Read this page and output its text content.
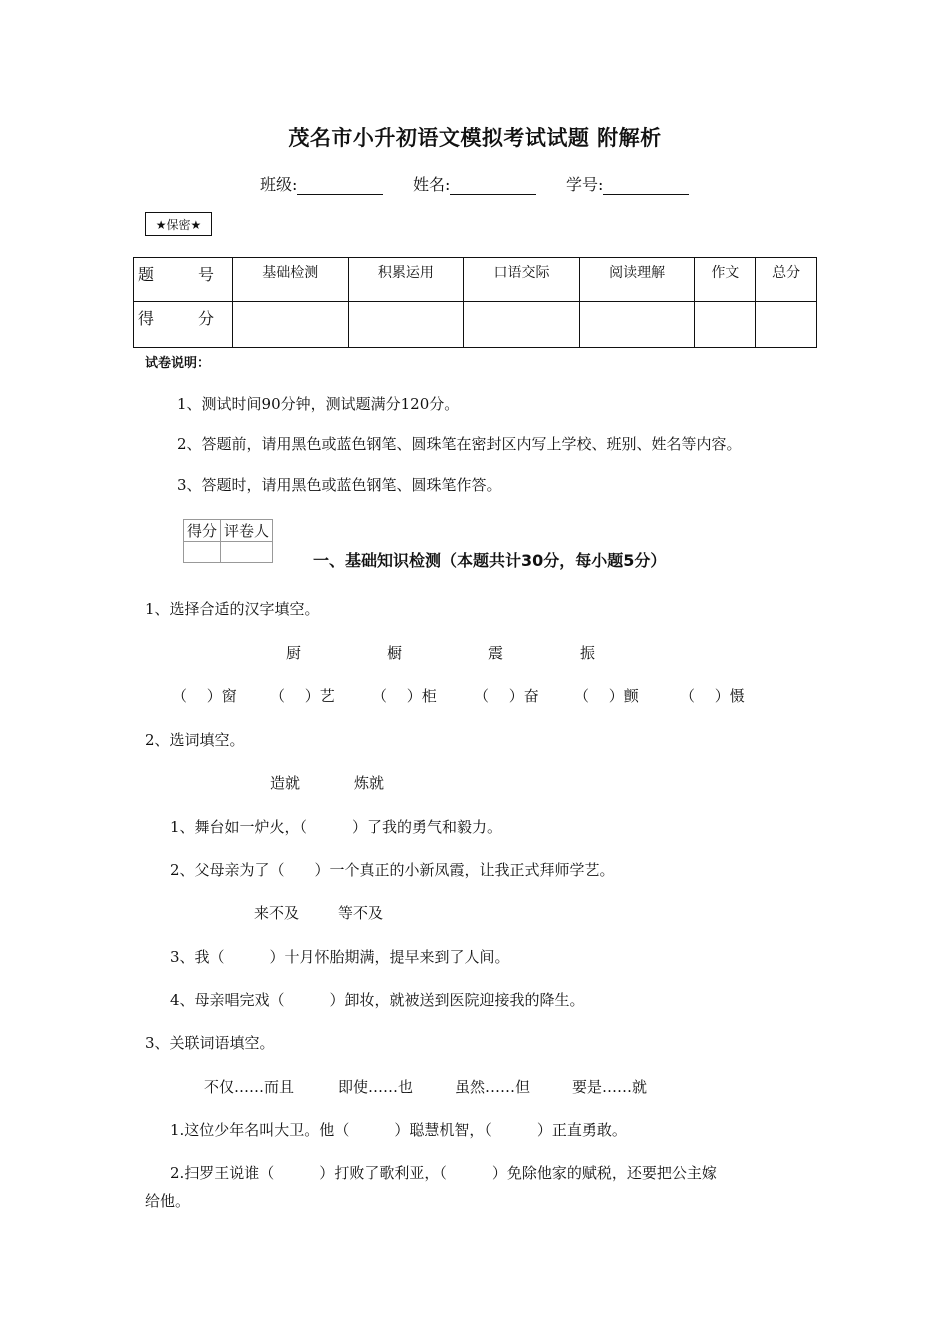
茂名市小升初语文模拟考试试题 附解析
班级:	姓名:	学号:
★保密★
题　号	基础检测	积累运用	口语交际	阅读理解	作文	总分
得　分						
试卷说明：
1、测试时间90分钟，测试题满分120分。
2、答题前，请用黑色或蓝色钢笔、圆珠笔在密封区内写上学校、班别、姓名等内容。
3、答题时，请用黑色或蓝色钢笔、圆珠笔作答。
得分	评卷人

一、基础知识检测（本题共计30分，每小题5分）
1、选择合适的汉字填空。
厨	橱	震	振
（　 ）窗 （　 ）艺 （　 ）柜 （　 ）奋 （　 ）颤	（　 ）慑
2、选词填空。
造就	炼就
1、舞台如一炉火，（　　　）了我的勇气和毅力。
2、父母亲为了（　　）一个真正的小新凤霞，让我正式拜师学艺。
来不及	等不及
3、我（　　　）十月怀胎期满，提早来到了人间。
4、母亲唱完戏（　　　）卸妆，就被送到医院迎接我的降生。
3、关联词语填空。
不仅……而且	即使……也	虽然……但	要是……就
1.这位少年名叫大卫。他（　　　）聪慧机智，（　　　）正直勇敢。
2.扫罗王说谁（　　　）打败了歌利亚，（　　　）免除他家的赋税，还要把公主嫁
给他。
